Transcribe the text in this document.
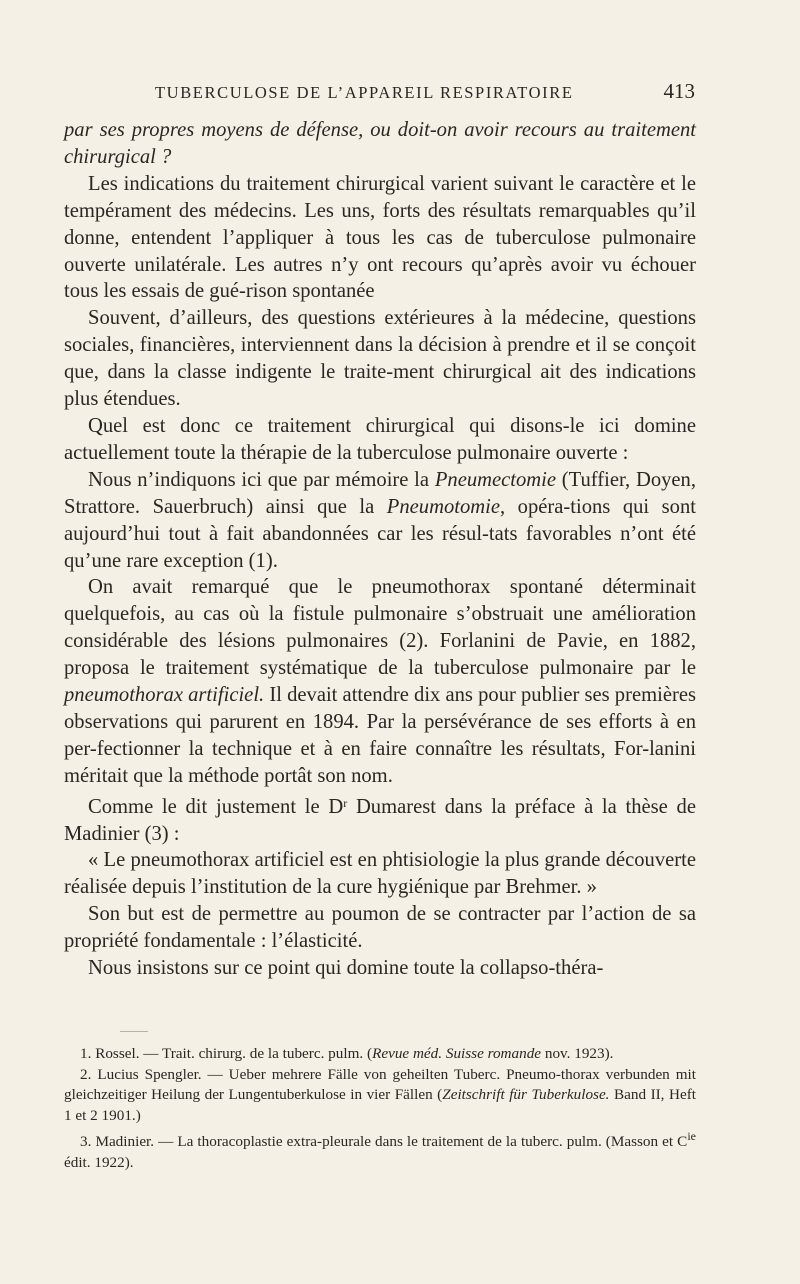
TUBERCULOSE DE L’APPAREIL RESPIRATOIRE	413

par ses propres moyens de défense, ou doit-on avoir recours au traitement chirurgical ?

Les indications du traitement chirurgical varient suivant le caractère et le tempérament des médecins. Les uns, forts des résultats remarquables qu’il donne, entendent l’appliquer à tous les cas de tuberculose pulmonaire ouverte unilatérale. Les autres n’y ont recours qu’après avoir vu échouer tous les essais de gué-rison spontanée

Souvent, d’ailleurs, des questions extérieures à la médecine, questions sociales, financières, interviennent dans la décision à prendre et il se conçoit que, dans la classe indigente le traite-ment chirurgical ait des indications plus étendues.

Quel est donc ce traitement chirurgical qui disons-le ici domine actuellement toute la thérapie de la tuberculose pulmonaire ouverte :

Nous n’indiquons ici que par mémoire la Pneumectomie (Tuffier, Doyen, Strattore. Sauerbruch) ainsi que la Pneumotomie, opéra-tions qui sont aujourd’hui tout à fait abandonnées car les résul-tats favorables n’ont été qu’une rare exception (1).

On avait remarqué que le pneumothorax spontané déterminait quelquefois, au cas où la fistule pulmonaire s’obstruait une amélioration considérable des lésions pulmonaires (2). Forlanini de Pavie, en 1882, proposa le traitement systématique de la tuberculose pulmonaire par le pneumothorax artificiel. Il devait attendre dix ans pour publier ses premières observations qui parurent en 1894. Par la persévérance de ses efforts à en per-fectionner la technique et à en faire connaître les résultats, For-lanini méritait que la méthode portât son nom.

Comme le dit justement le $D^r$ Dumarest dans la préface à la thèse de Madinier (3) :

« Le pneumothorax artificiel est en phtisiologie la plus grande découverte réalisée depuis l’institution de la cure hygiénique par Brehmer. »

Son but est de permettre au poumon de se contracter par l’action de sa propriété fondamentale : l’élasticité.

Nous insistons sur ce point qui domine toute la collapso-théra-

1. Rossel. — Trait. chirurg. de la tuberc. pulm. (Revue méd. Suisse romande nov. 1923).

2. Lucius Spengler. — Ueber mehrere Fälle von geheilten Tuberc. Pneumo-thorax verbunden mit gleichzeitiger Heilung der Lungentuberkulose in vier Fällen (Zeitschrift für Tuberkulose. Band II, Heft 1 et 2 1901.)

3. Madinier. — La thoracoplastie extra-pleurale dans le traitement de la tuberc. pulm. (Masson et $C^{ie}$ édit. 1922).
